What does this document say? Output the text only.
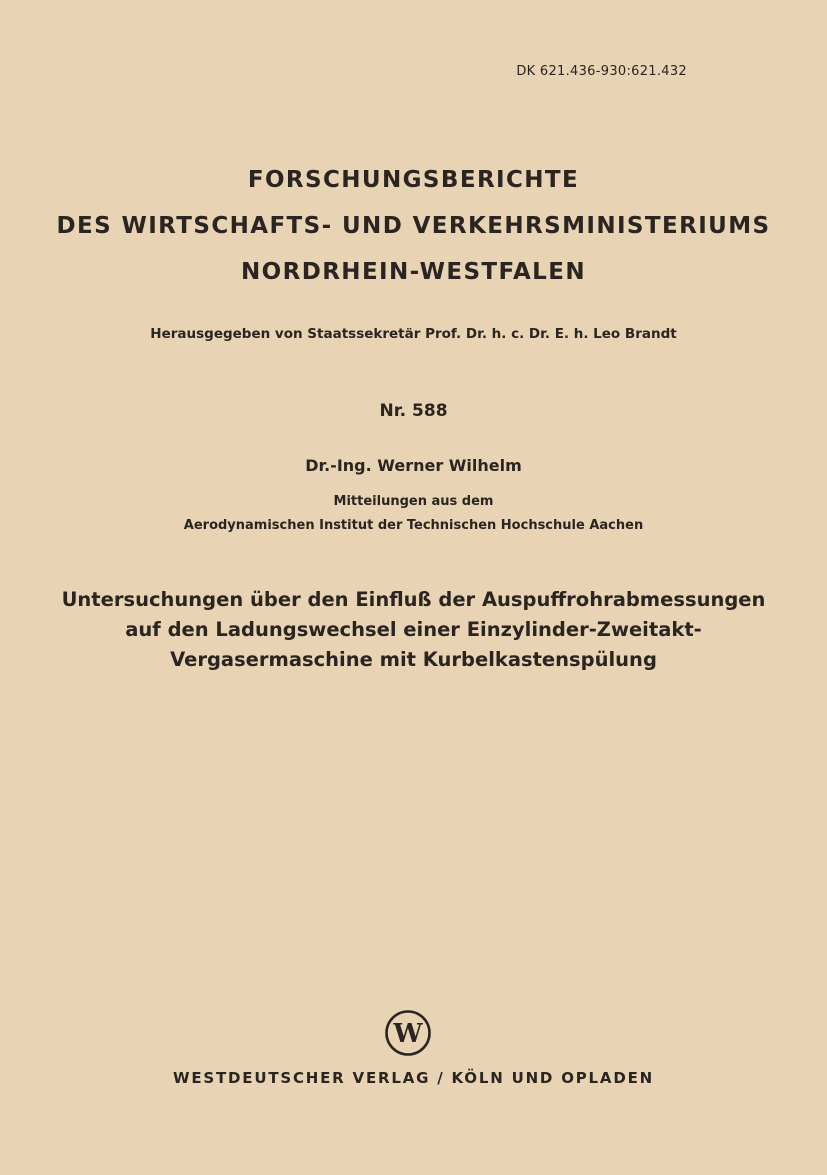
DK 621.436-930:621.432
FORSCHUNGSBERICHTE
DES WIRTSCHAFTS- UND VERKEHRSMINISTERIUMS
NORDRHEIN-WESTFALEN
Herausgegeben von Staatssekretär Prof. Dr. h. c. Dr. E. h. Leo Brandt
Nr. 588
Dr.-Ing. Werner Wilhelm
Mitteilungen aus dem
Aerodynamischen Institut der Technischen Hochschule Aachen
Untersuchungen über den Einfluß der Auspuffrohrabmessungen
auf den Ladungswechsel einer Einzylinder-Zweitakt-
Vergasermaschine mit Kurbelkastenspülung
W
WESTDEUTSCHER VERLAG / KÖLN UND OPLADEN
